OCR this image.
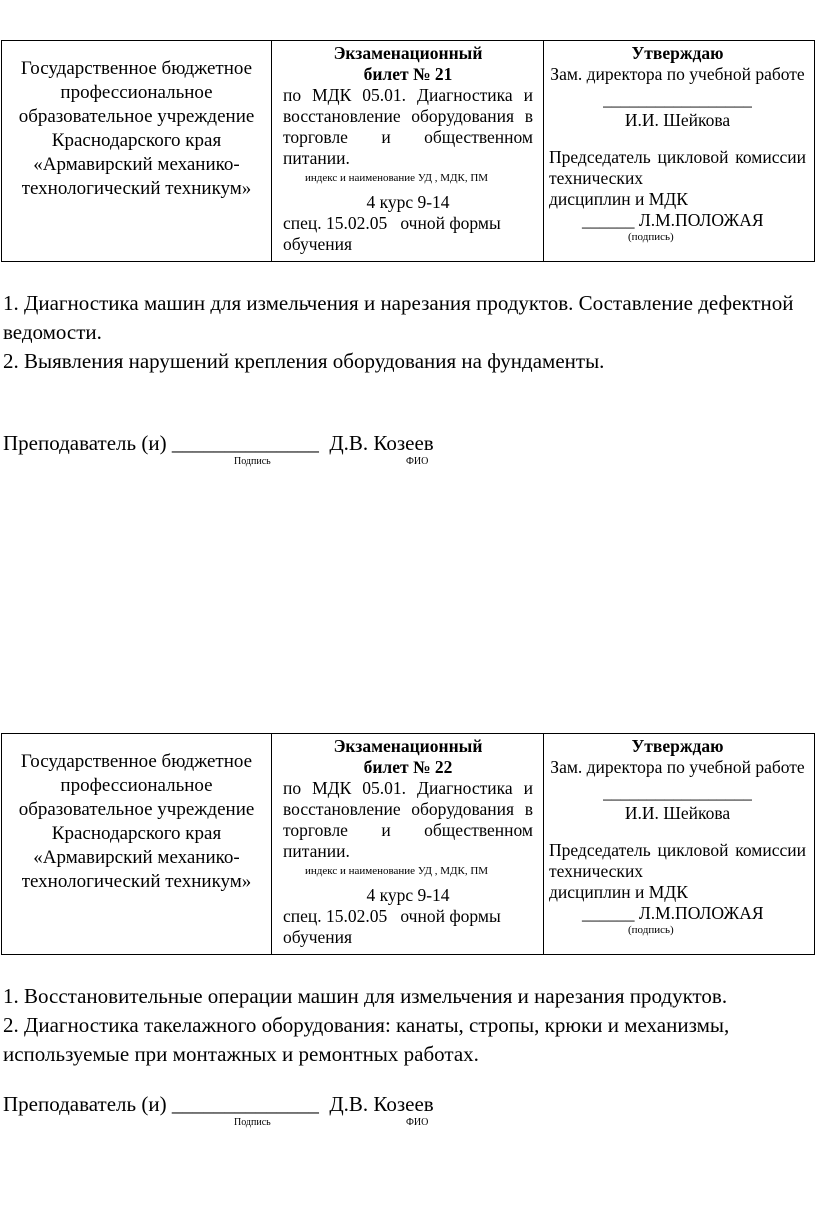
Государственное бюджетное профессиональное образовательное учреждение Краснодарского края «Армавирский механико-технологический техникум»

Экзаменационный
билет № 21
по МДК 05.01. Диагностика и восстановление оборудования в торговле и общественном питании.
индекс и наименование УД , МДК, ПМ
4 курс 9-14
спец. 15.02.05   очной формы обучения

Утверждаю
Зам. директора по учебной работе
_________________
И.И. Шейкова
Председатель цикловой комиссии технических
дисциплин и МДК
______ Л.М.ПОЛОЖАЯ
(подпись)
1. Диагностика машин для измельчения и нарезания продуктов. Составление дефектной ведомости.
2. Выявления нарушений крепления оборудования на фундаменты.
Преподаватель (и) ______________  Д.В. Козеев
Подпись	ФИО
Государственное бюджетное профессиональное образовательное учреждение Краснодарского края «Армавирский механико-технологический техникум»

Экзаменационный
билет № 22
по МДК 05.01. Диагностика и восстановление оборудования в торговле и общественном питании.
индекс и наименование УД , МДК, ПМ
4 курс 9-14
спец. 15.02.05   очной формы обучения

Утверждаю
Зам. директора по учебной работе
_________________
И.И. Шейкова
Председатель цикловой комиссии технических
дисциплин и МДК
______ Л.М.ПОЛОЖАЯ
(подпись)
1. Восстановительные операции машин для измельчения и нарезания продуктов.
2. Диагностика такелажного оборудования: канаты, стропы, крюки и механизмы, используемые при монтажных и ремонтных работах.
Преподаватель (и) ______________  Д.В. Козеев
Подпись	ФИО
